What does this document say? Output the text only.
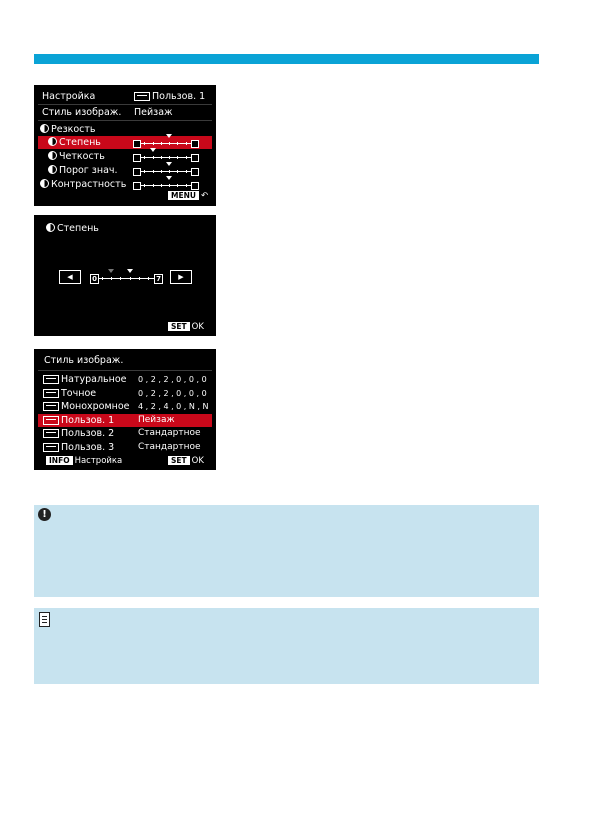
Настройка	Пользов. 1
Стиль изображ.	Пейзаж
Резкость
MENU ↶
Степень
Четкость
Порог знач.
Контрастность
Степень
◀	▶
0	7
SET OK
Стиль изображ.
INFO Настройка	SET OK
Натуральное 0 , 2 , 2 , 0 , 0 , 0
Точное	0 , 2 , 2 , 0 , 0 , 0
Монохромное 4 , 2 , 4 , 0 , N , N
Пользов. 1	Пейзаж
Пользов. 2	Стандартное
Пользов. 3	Стандартное
!
